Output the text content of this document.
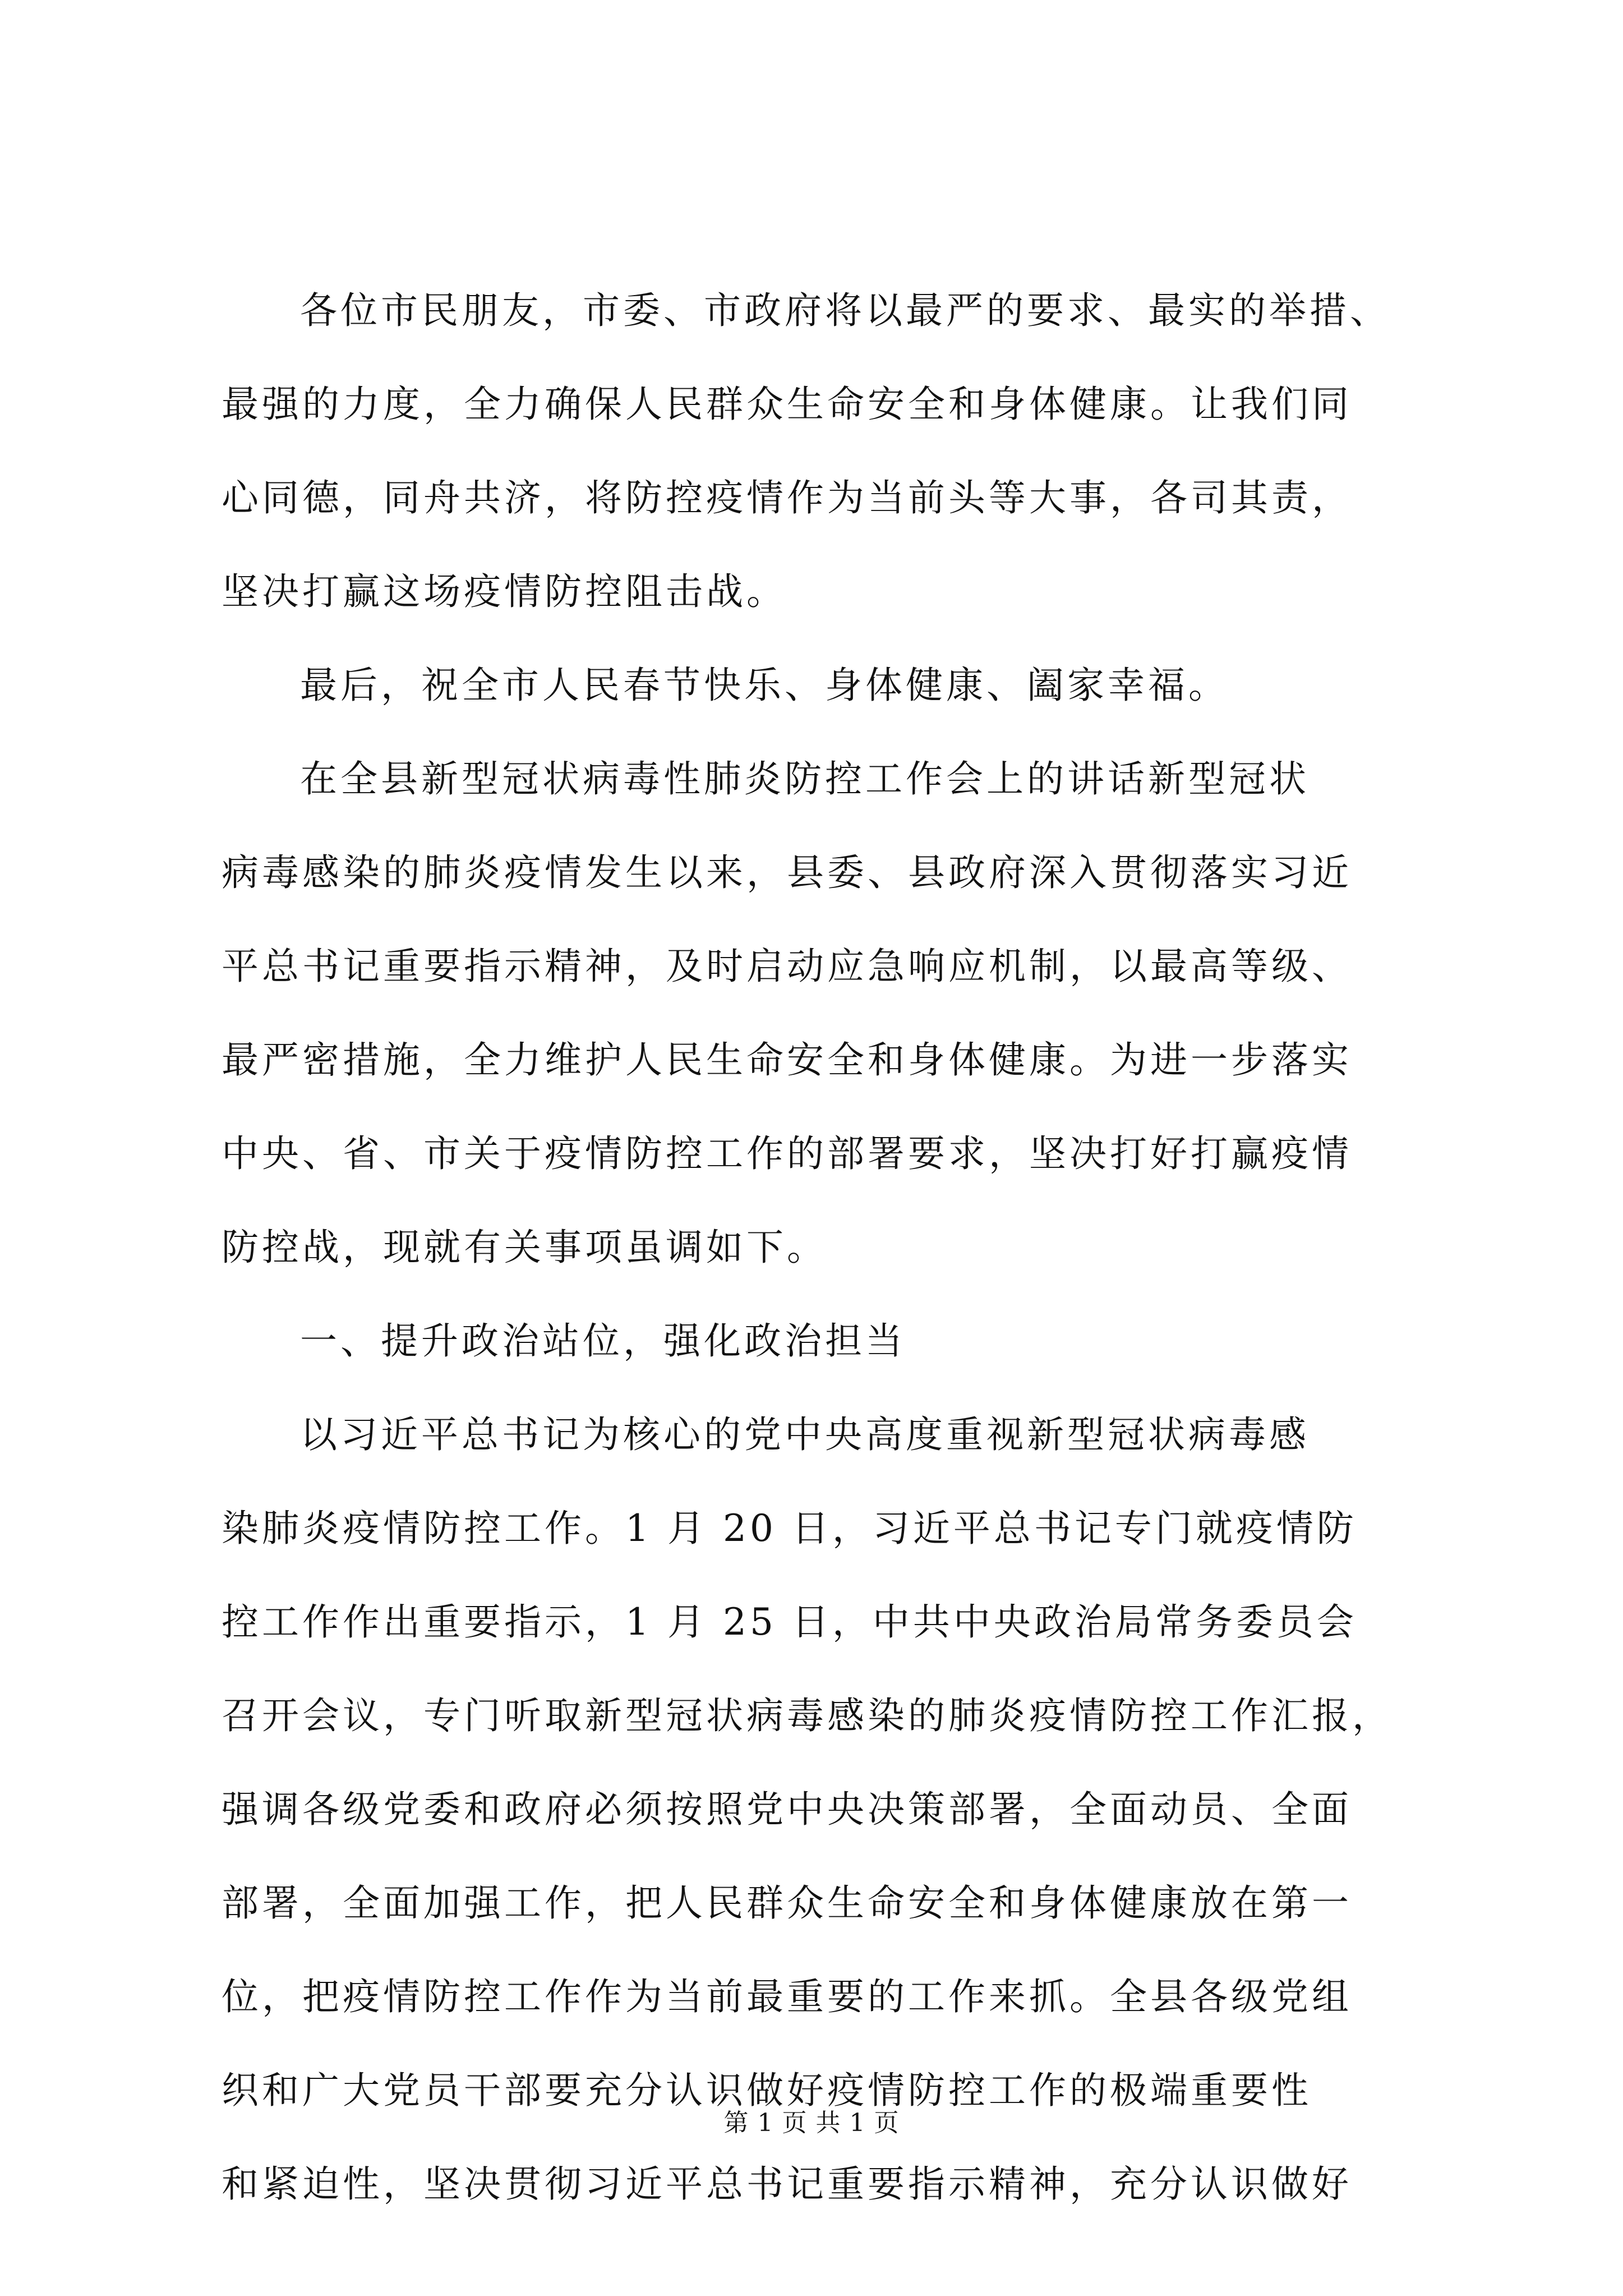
各位市民朋友，市委、市政府将以最严的要求、最实的举措、
最强的力度，全力确保人民群众生命安全和身体健康。让我们同
心同德，同舟共济，将防控疫情作为当前头等大事，各司其责，
坚决打赢这场疫情防控阻击战。
最后，祝全市人民春节快乐、身体健康、阖家幸福。
在全县新型冠状病毒性肺炎防控工作会上的讲话新型冠状
病毒感染的肺炎疫情发生以来，县委、县政府深入贯彻落实习近
平总书记重要指示精神，及时启动应急响应机制，以最高等级、
最严密措施，全力维护人民生命安全和身体健康。为进一步落实
中央、省、市关于疫情防控工作的部署要求，坚决打好打赢疫情
防控战，现就有关事项虽调如下。
一、提升政治站位，强化政治担当
以习近平总书记为核心的党中央高度重视新型冠状病毒感
染肺炎疫情防控工作。1 月 20 日，习近平总书记专门就疫情防
控工作作出重要指示，1 月 25 日，中共中央政治局常务委员会
召开会议，专门听取新型冠状病毒感染的肺炎疫情防控工作汇报，
强调各级党委和政府必须按照党中央决策部署，全面动员、全面
部署，全面加强工作，把人民群众生命安全和身体健康放在第一
位，把疫情防控工作作为当前最重要的工作来抓。全县各级党组
织和广大党员干部要充分认识做好疫情防控工作的极端重要性
和紧迫性，坚决贯彻习近平总书记重要指示精神，充分认识做好
第 1 页 共 1 页
